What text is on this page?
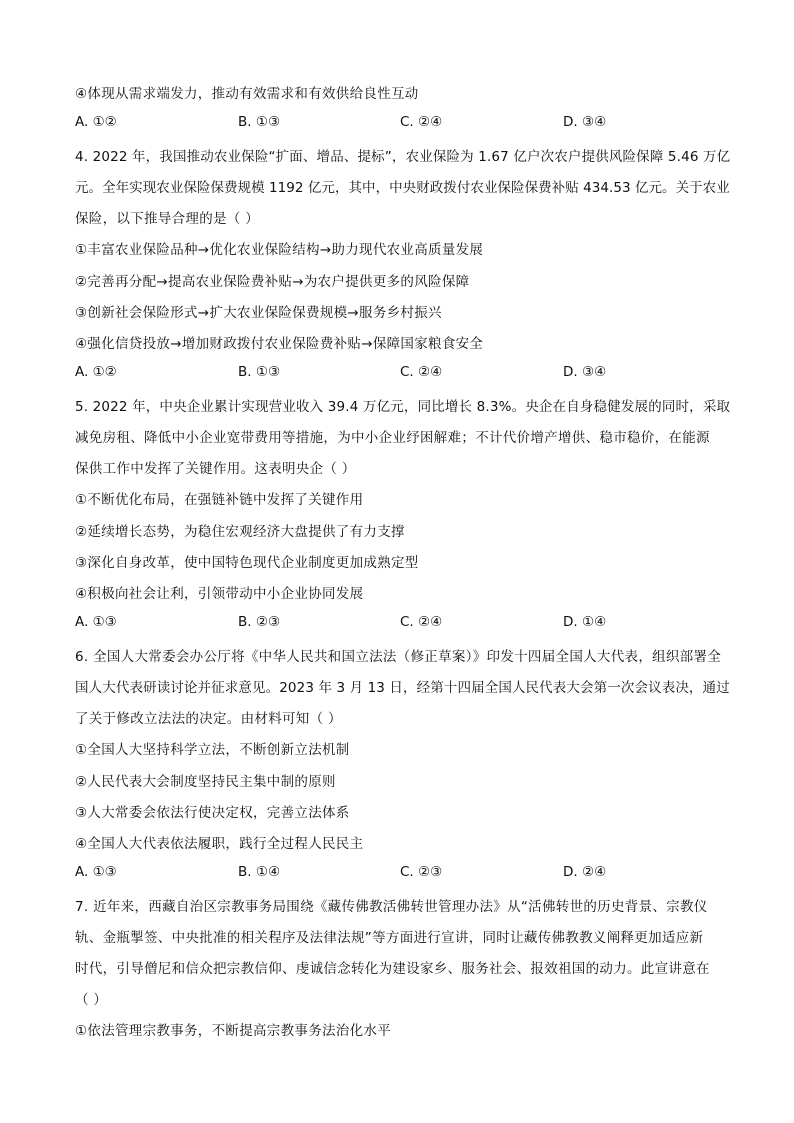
④体现从需求端发力，推动有效需求和有效供给良性互动
A. ①②	B. ①③	C. ②④	D. ③④
4. 2022 年，我国推动农业保险“扩面、增品、提标”，农业保险为 1.67 亿户次农户提供风险保障 5.46 万亿
元。全年实现农业保险保费规模 1192 亿元，其中，中央财政拨付农业保险保费补贴 434.53 亿元。关于农业
保险，以下推导合理的是（ ）
①丰富农业保险品种→优化农业保险结构→助力现代农业高质量发展
②完善再分配→提高农业保险费补贴→为农户提供更多的风险保障
③创新社会保险形式→扩大农业保险保费规模→服务乡村振兴
④强化信贷投放→增加财政拨付农业保险费补贴→保障国家粮食安全
A. ①②	B. ①③	C. ②④	D. ③④
5. 2022 年，中央企业累计实现营业收入 39.4 万亿元，同比增长 8.3%。央企在自身稳健发展的同时，采取
减免房租、降低中小企业宽带费用等措施，为中小企业纾困解难；不计代价增产增供、稳市稳价，在能源
保供工作中发挥了关键作用。这表明央企（ ）
①不断优化布局，在强链补链中发挥了关键作用
②延续增长态势，为稳住宏观经济大盘提供了有力支撑
③深化自身改革，使中国特色现代企业制度更加成熟定型
④积极向社会让利，引领带动中小企业协同发展
A. ①③	B. ②③	C. ②④	D. ①④
6. 全国人大常委会办公厅将《中华人民共和国立法法（修正草案）》印发十四届全国人大代表，组织部署全
国人大代表研读讨论并征求意见。2023 年 3 月 13 日，经第十四届全国人民代表大会第一次会议表决，通过
了关于修改立法法的决定。由材料可知（ ）
①全国人大坚持科学立法，不断创新立法机制
②人民代表大会制度坚持民主集中制的原则
③人大常委会依法行使决定权，完善立法体系
④全国人大代表依法履职，践行全过程人民民主
A. ①③	B. ①④	C. ②③	D. ②④
7. 近年来，西藏自治区宗教事务局围绕《藏传佛教活佛转世管理办法》从“活佛转世的历史背景、宗教仪
轨、金瓶掣签、中央批准的相关程序及法律法规”等方面进行宣讲，同时让藏传佛教教义阐释更加适应新
时代，引导僧尼和信众把宗教信仰、虔诚信念转化为建设家乡、服务社会、报效祖国的动力。此宣讲意在
（ ）
①依法管理宗教事务，不断提高宗教事务法治化水平
